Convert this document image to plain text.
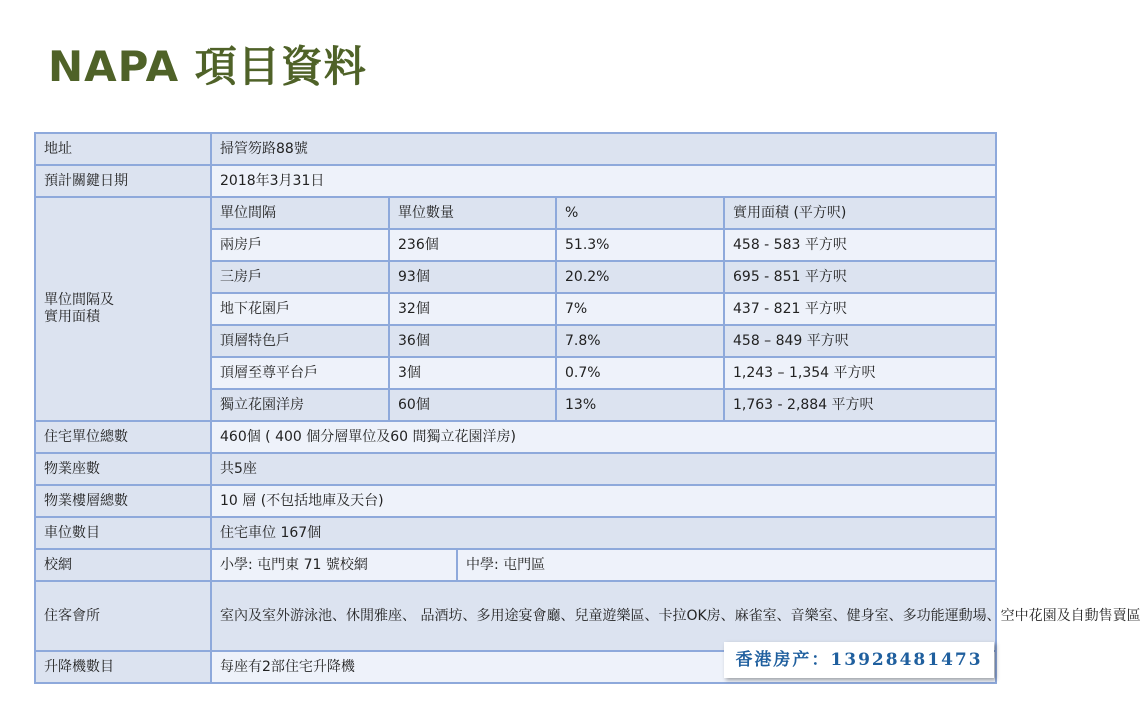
NAPA 項目資料
地址	掃管笏路88號				
預計關鍵日期	2018年3月31日				
單位間隔及
實用面積	單位間隔	單位數量		%	實用面積 (平方呎)
	兩房戶	236個		51.3%	458 - 583 平方呎
	三房戶	93個		20.2%	695 - 851 平方呎
	地下花園戶	32個		7%	437 - 821 平方呎
	頂層特色戶	36個		7.8%	458 – 849 平方呎
	頂層至尊平台戶	3個		0.7%	1,243 – 1,354 平方呎
	獨立花園洋房	60個		13%	1,763 - 2,884 平方呎
住宅單位總數	460個 ( 400 個分層單位及60 間獨立花園洋房)				
物業座數	共5座				
物業樓層總數	10 層 (不包括地庫及天台)				
車位數目	住宅車位 167個				
校網	小學: 屯門東 71 號校網		中學: 屯門區		
住客會所	室內及室外游泳池、休閒雅座、 品酒坊、多用途宴會廳、兒童遊樂區、卡拉OK房、麻雀室、音樂室、健身室、多功能運動場、空中花園及自動售賣區				
升降機數目	每座有2部住宅升降機					香港房产：13928481473
